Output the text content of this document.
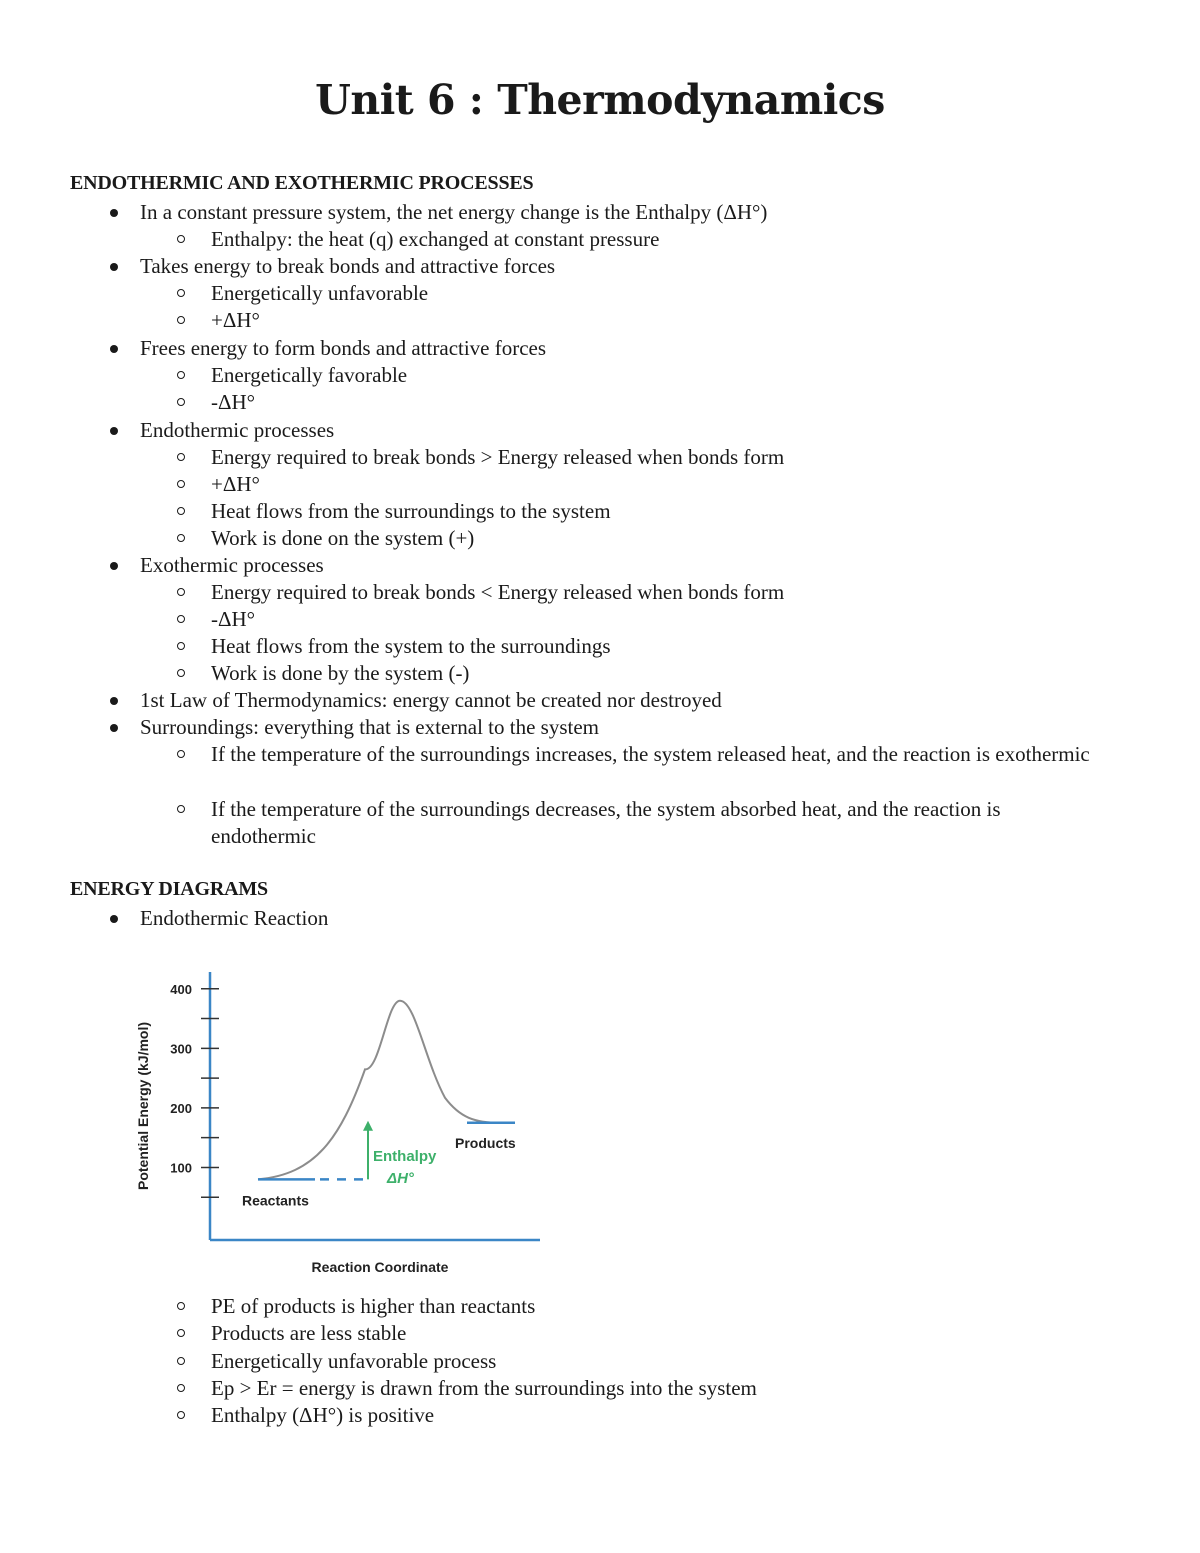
Unit 6 : Thermodynamics
ENDOTHERMIC AND EXOTHERMIC PROCESSES

In a constant pressure system, the net energy change is the Enthalpy (ΔH°)

Enthalpy: the heat (q) exchanged at constant pressure

Takes energy to break bonds and attractive forces

Energetically unfavorable

+ΔH°

Frees energy to form bonds and attractive forces

Energetically favorable

-ΔH°

Endothermic processes

Energy required to break bonds > Energy released when bonds form

+ΔH°

Heat flows from the surroundings to the system

Work is done on the system (+)

Exothermic processes

Energy required to break bonds < Energy released when bonds form

-ΔH°

Heat flows from the system to the surroundings

Work is done by the system (-)

1st Law of Thermodynamics: energy cannot be created nor destroyed

Surroundings: everything that is external to the system

If the temperature of the surroundings increases, the system released heat, and the reaction is exothermic

If the temperature of the surroundings decreases, the system absorbed heat, and the reaction is endothermic

ENERGY DIAGRAMS

Endothermic Reaction

100
200
300
400
Potential Energy (kJ/mol)
Reaction Coordinate
Reactants
Products
Enthalpy
ΔH°

PE of products is higher than reactants

Products are less stable

Energetically unfavorable process

Ep > Er = energy is drawn from the surroundings into the system

Enthalpy (ΔH°) is positive
